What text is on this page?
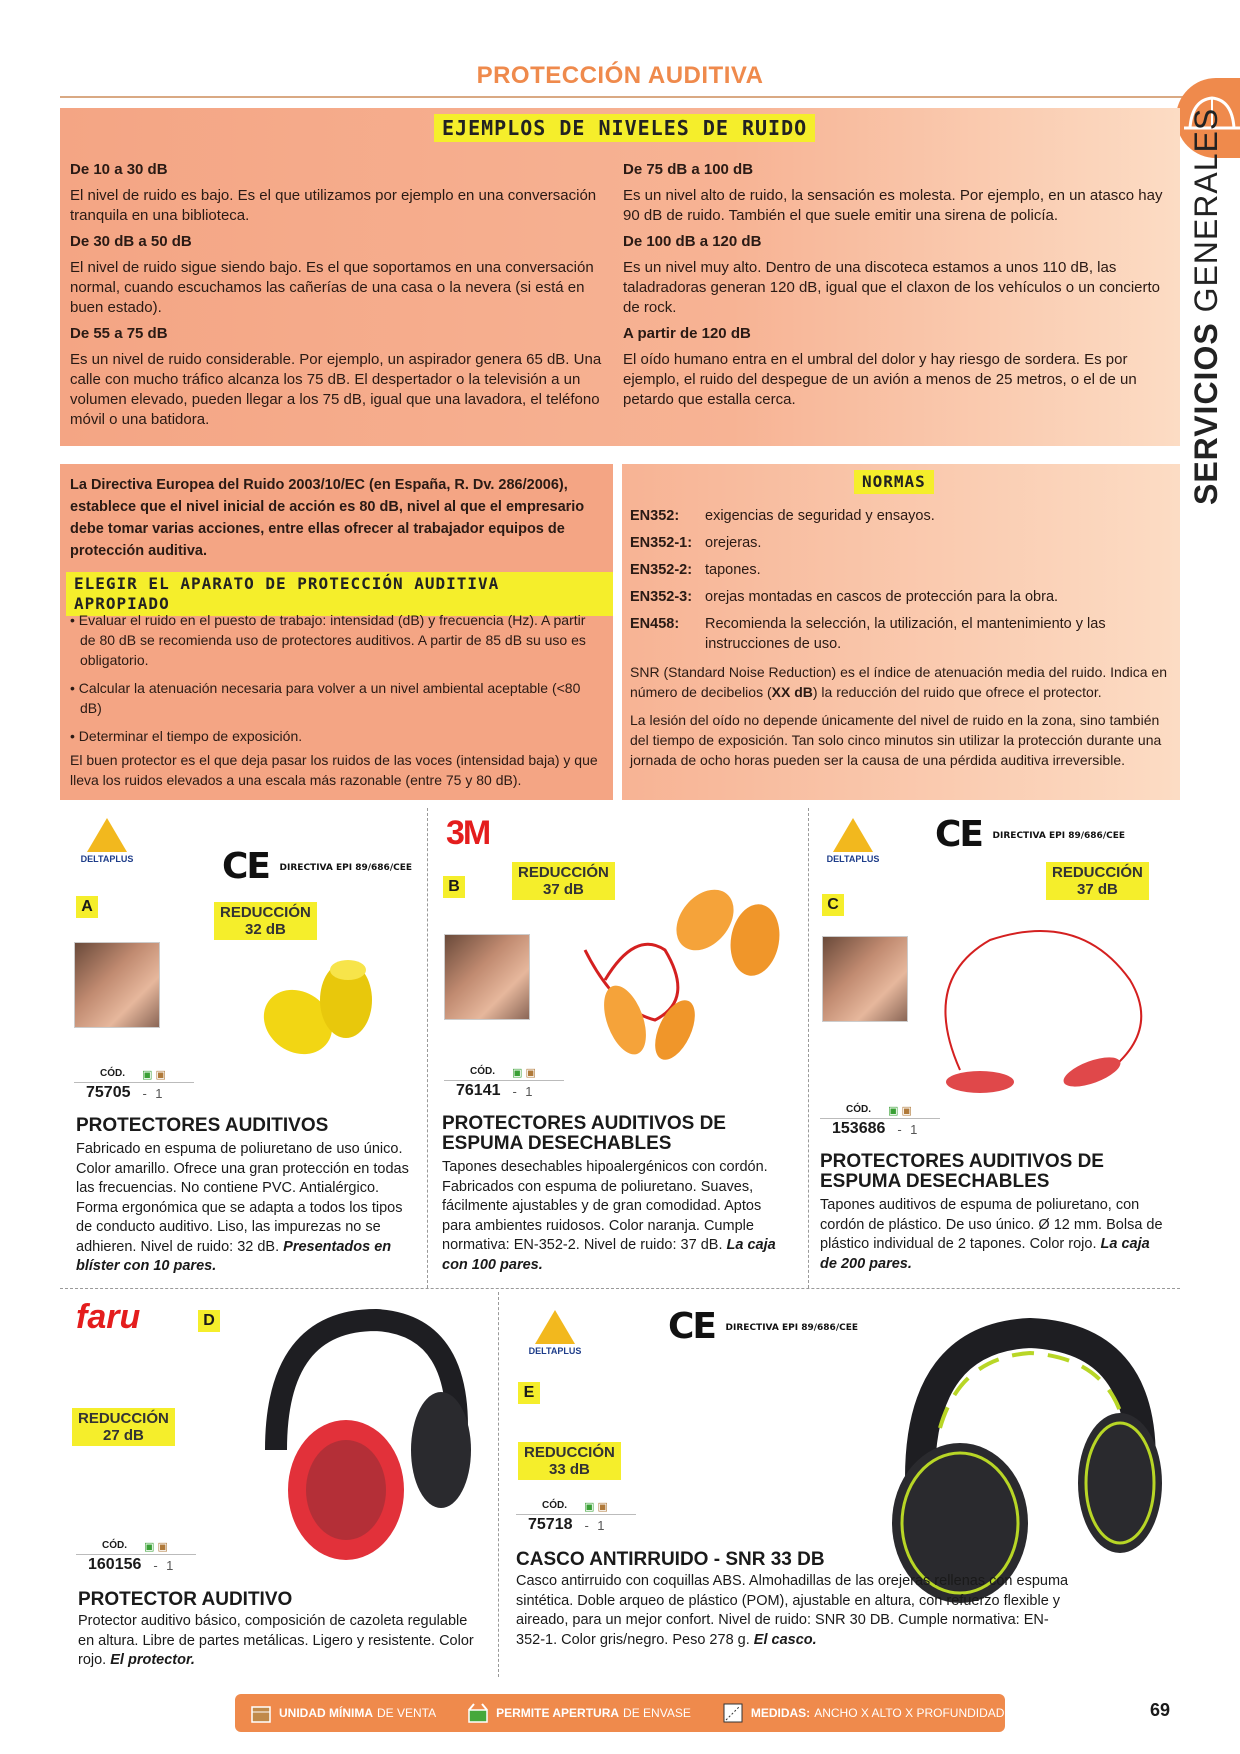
PROTECCIÓN AUDITIVA
SERVICIOS GENERALES
EJEMPLOS DE NIVELES DE RUIDO
De 10 a 30 dB

El nivel de ruido es bajo. Es el que utilizamos por ejemplo en una conversación tranquila en una biblioteca.

De 30 dB a 50 dB

El nivel de ruido sigue siendo bajo. Es el que soportamos en una conversación normal, cuando escuchamos las cañerías de una casa o la nevera (si está en buen estado).

De 55 a 75 dB

Es un nivel de ruido considerable. Por ejemplo, un aspirador genera 65 dB. Una calle con mucho tráfico alcanza los 75 dB. El despertador o la televisión a un volumen elevado, pueden llegar a los 75 dB, igual que una lavadora, el teléfono móvil o una batidora.

De 75 dB a 100 dB

Es un nivel alto de ruido, la sensación es molesta. Por ejemplo, en un atasco hay 90 dB de ruido. También el que suele emitir una sirena de policía.

De 100 dB a 120 dB

Es un nivel muy alto. Dentro de una discoteca estamos a unos 110 dB, las taladradoras generan 120 dB, igual que el claxon de los vehículos o un concierto de rock.

A partir de 120 dB

El oído humano entra en el umbral del dolor y hay riesgo de sordera. Es por ejemplo, el ruido del despegue de un avión a menos de 25 metros, o el de un petardo que estalla cerca.

La Directiva Europea del Ruido 2003/10/EC (en España, R. Dv. 286/2006), establece que el nivel inicial de acción es 80 dB, nivel al que el empresario debe tomar varias acciones, entre ellas ofrecer al trabajador equipos de protección auditiva.
ELEGIR EL APARATO DE PROTECCIÓN AUDITIVA APROPIADO
• Evaluar el ruido en el puesto de trabajo: intensidad (dB) y frecuencia (Hz). A partir de 80 dB se recomienda uso de protectores auditivos. A partir de 85 dB su uso es obligatorio.
• Calcular la atenuación necesaria para volver a un nivel ambiental aceptable (<80 dB)
• Determinar el tiempo de exposición.
El buen protector es el que deja pasar los ruidos de las voces (intensidad baja) y que lleva los ruidos elevados a una escala más razonable (entre 75 y 80 dB).
NORMAS
EN352:	exigencias de seguridad y ensayos.
EN352-1: orejeras.
EN352-2: tapones.
EN352-3: orejas montadas en cascos de protección para la obra.
EN458:	Recomienda la selección, la utilización, el mantenimiento y las instrucciones de uso.
SNR (Standard Noise Reduction) es el índice de atenuación media del ruido. Indica en número de decibelios (XX dB) la reducción del ruido que ofrece el protector.
La lesión del oído no depende únicamente del nivel de ruido en la zona, sino también del tiempo de exposición. Tan solo cinco minutos sin utilizar la protección durante una jornada de ocho horas pueden ser la causa de una pérdida auditiva irreversible.
DELTAPLUS CE DIRECTIVA EPI 89/686/CEE
A	REDUCCIÓN
32 dB
CÓD. ▣ ▣
75705 -
1
PROTECTORES AUDITIVOS
Fabricado en espuma de poliuretano de uso único. Color amarillo. Ofrece una gran protección en todas las frecuencias. No contiene PVC. Antialérgico. Forma ergonómica que se adapta a todos los tipos de conducto auditivo. Liso, las impurezas no se adhieren. Nivel de ruido: 32 dB. Presentados en blíster con 10 pares.
3M
B
REDUCCIÓN
37 dB
CÓD. ▣ ▣
76141 -
1
PROTECTORES AUDITIVOS DE ESPUMA DESECHABLES
Tapones desechables hipoalergénicos con cordón. Fabricados con espuma de poliuretano. Suaves, fácilmente ajustables y de gran comodidad. Aptos para ambientes ruidosos. Color naranja. Cumple normativa: EN-352-2. Nivel de ruido: 37 dB. La caja con 100 pares.
DELTAPLUS
CE DIRECTIVA EPI 89/686/CEE
C
REDUCCIÓN
37 dB
CÓD. ▣ ▣
153686 -
1
PROTECTORES AUDITIVOS DE ESPUMA DESECHABLES
Tapones auditivos de espuma de poliuretano, con cordón de plástico. De uso único. Ø 12 mm. Bolsa de plástico individual de 2 tapones. Color rojo. La caja de 200 pares.
faru	D
REDUCCIÓN
27 dB
CÓD. ▣ ▣
160156 -
1
PROTECTOR AUDITIVO
Protector auditivo básico, composición de cazoleta regulable en altura. Libre de partes metálicas. Ligero y resistente. Color rojo. El protector.
DELTAPLUS
CE DIRECTIVA EPI 89/686/CEE
E
REDUCCIÓN
33 dB
CÓD. ▣ ▣
75718 -
1
CASCO ANTIRRUIDO - SNR 33 DB
Casco antirruido con coquillas ABS. Almohadillas de las orejeras rellenas con espuma sintética. Doble arqueo de plástico (POM), ajustable en altura, con refuerzo flexible y aireado, para un mejor confort. Nivel de ruido: SNR 30 DB. Cumple normativa: EN-352-1. Color gris/negro. Peso 278 g. El casco.
UNIDAD MÍNIMA DE VENTA	PERMITE APERTURA DE ENVASE	MEDIDAS: ANCHO X ALTO X PROFUNDIDAD	69
